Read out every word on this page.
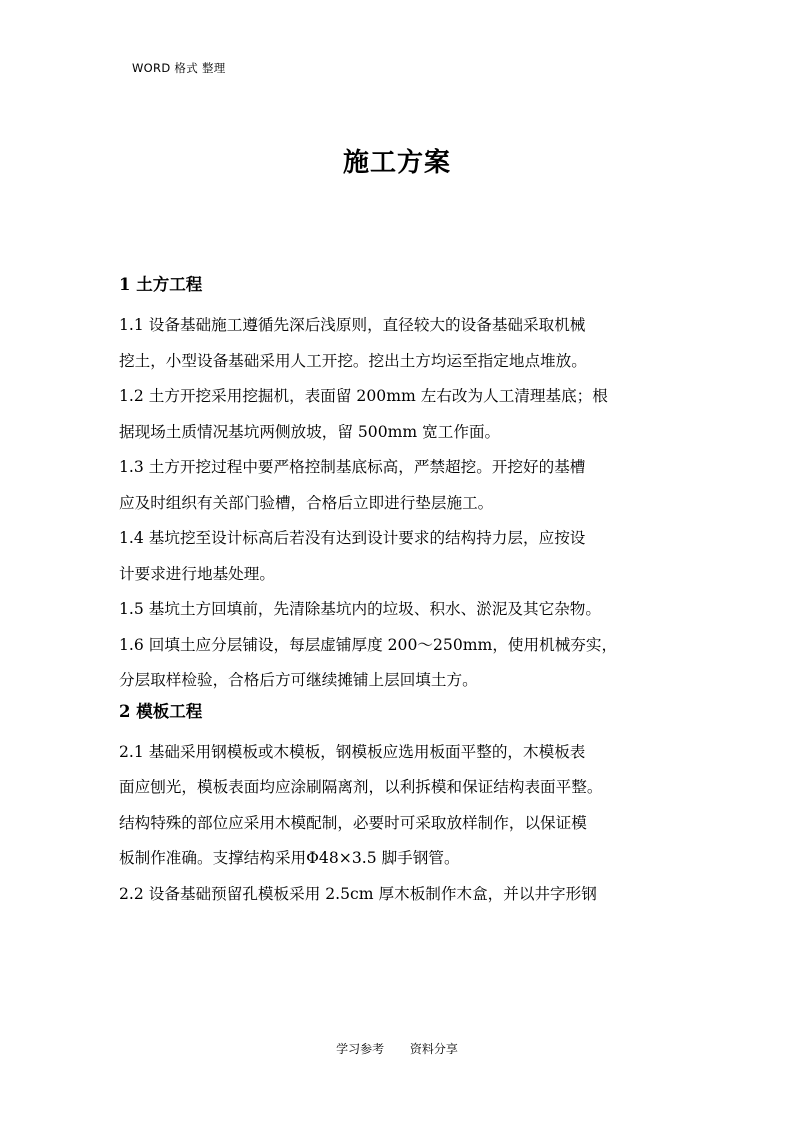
WORD 格式 整理
施工方案
1 土方工程
1.1 设备基础施工遵循先深后浅原则，直径较大的设备基础采取机械
挖土，小型设备基础采用人工开挖。挖出土方均运至指定地点堆放。
1.2 土方开挖采用挖掘机，表面留 200mm 左右改为人工清理基底；根
据现场土质情况基坑两侧放坡，留 500mm 宽工作面。
1.3 土方开挖过程中要严格控制基底标高，严禁超挖。开挖好的基槽
应及时组织有关部门验槽，合格后立即进行垫层施工。
1.4 基坑挖至设计标高后若没有达到设计要求的结构持力层，应按设
计要求进行地基处理。
1.5 基坑土方回填前，先清除基坑内的垃圾、积水、淤泥及其它杂物。
1.6 回填土应分层铺设，每层虚铺厚度 200～250mm，使用机械夯实，
分层取样检验，合格后方可继续摊铺上层回填土方。
2 模板工程
2.1 基础采用钢模板或木模板，钢模板应选用板面平整的，木模板表
面应刨光，模板表面均应涂刷隔离剂，以利拆模和保证结构表面平整。
结构特殊的部位应采用木模配制，必要时可采取放样制作，以保证模
板制作准确。支撑结构采用Φ48×3.5 脚手钢管。
2.2 设备基础预留孔模板采用 2.5cm 厚木板制作木盒，并以井字形钢
学习参考 资料分享
